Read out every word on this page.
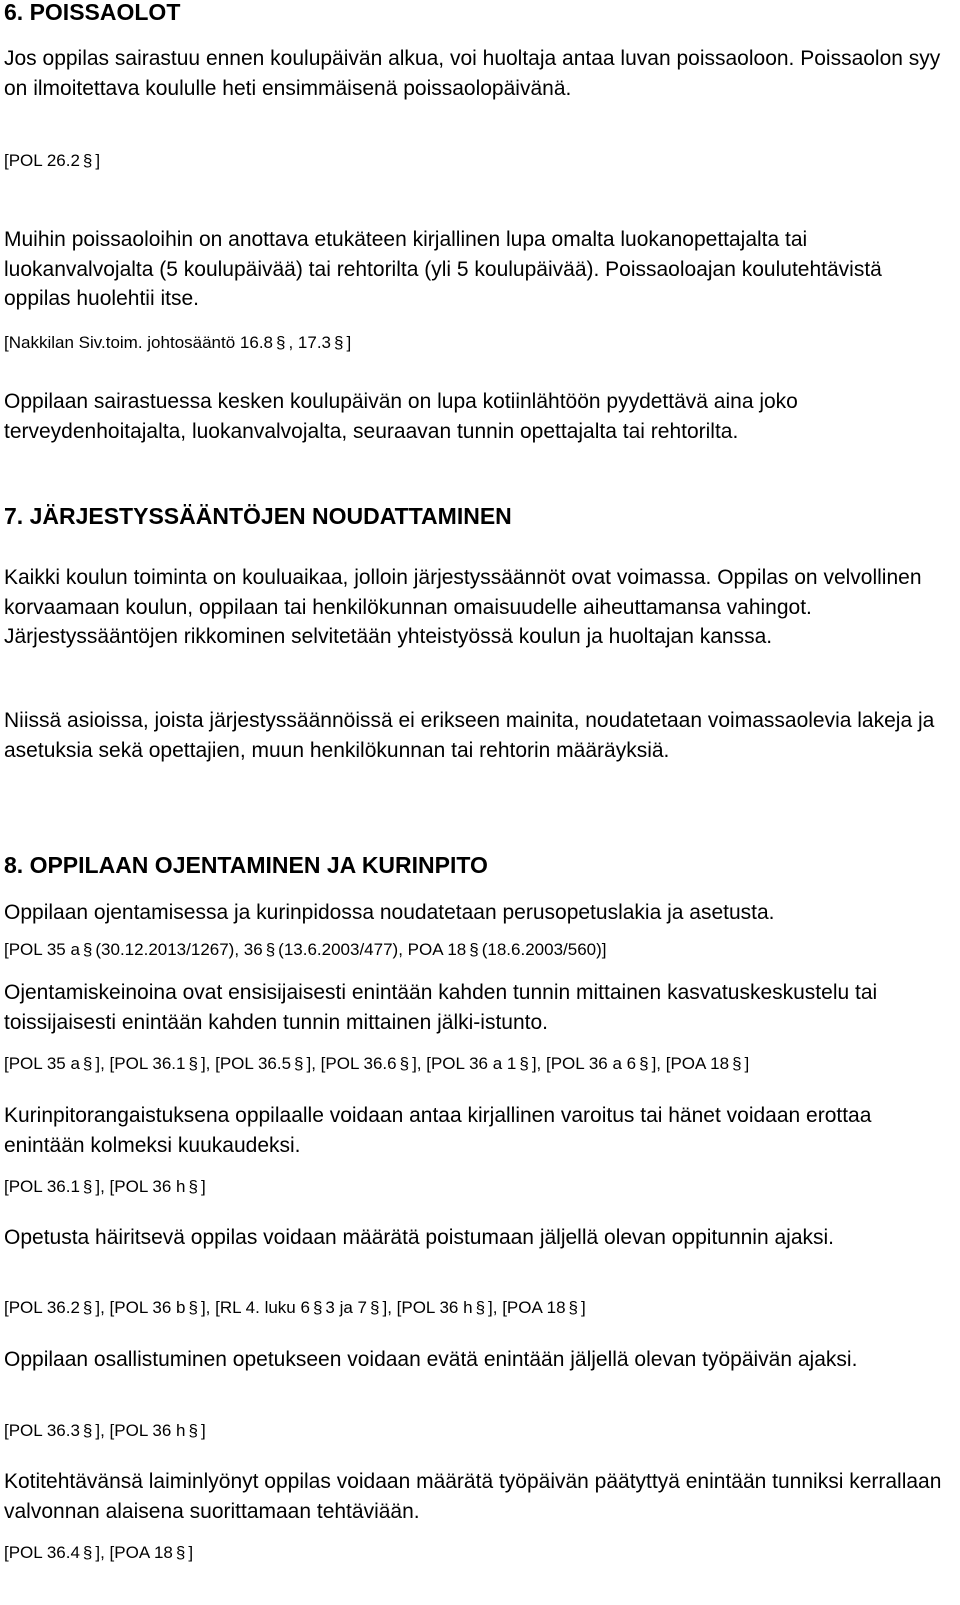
6. POISSAOLOT
Jos oppilas sairastuu ennen koulupäivän alkua, voi huoltaja antaa luvan poissaoloon. Poissaolon syy on ilmoitettava koululle heti ensimmäisenä poissaolopäivänä.
[POL 26.2 § ]
Muihin poissaoloihin on anottava etukäteen kirjallinen lupa omalta luokanopettajalta tai luokanvalvojalta (5 koulupäivää) tai rehtorilta (yli 5 koulupäivää). Poissaoloajan koulutehtävistä oppilas huolehtii itse.
[Nakkilan Siv.toim. johtosääntö 16.8 § , 17.3 § ]
Oppilaan sairastuessa kesken koulupäivän on lupa kotiinlähtöön pyydettävä aina joko terveydenhoitajalta, luokanvalvojalta, seuraavan tunnin opettajalta tai rehtorilta.
7. JÄRJESTYSSÄÄNTÖJEN NOUDATTAMINEN
Kaikki koulun toiminta on kouluaikaa, jolloin järjestyssäännöt ovat voimassa. Oppilas on velvollinen korvaamaan koulun, oppilaan tai henkilökunnan omaisuudelle aiheuttamansa vahingot. Järjestyssääntöjen rikkominen selvitetään yhteistyössä koulun ja huoltajan kanssa.
Niissä asioissa, joista järjestyssäännöissä ei erikseen mainita, noudatetaan voimassaolevia lakeja ja asetuksia sekä opettajien, muun henkilökunnan tai rehtorin määräyksiä.
8. OPPILAAN OJENTAMINEN JA KURINPITO
Oppilaan ojentamisessa ja kurinpidossa noudatetaan perusopetuslakia ja asetusta.
[POL 35 a § (30.12.2013/1267), 36 § (13.6.2003/477), POA 18 § (18.6.2003/560)]
Ojentamiskeinoina ovat ensisijaisesti enintään kahden tunnin mittainen kasvatuskeskustelu tai toissijaisesti enintään kahden tunnin mittainen jälki-istunto.
[POL 35 a § ], [POL 36.1 § ], [POL 36.5 § ], [POL 36.6 § ], [POL 36 a 1 § ], [POL 36 a 6 § ], [POA 18 § ]
Kurinpitorangaistuksena oppilaalle voidaan antaa kirjallinen varoitus tai hänet voidaan erottaa enintään kolmeksi kuukaudeksi.
[POL 36.1 § ], [POL 36 h § ]
Opetusta häiritsevä oppilas voidaan määrätä poistumaan jäljellä olevan oppitunnin ajaksi.
[POL 36.2 § ], [POL 36 b § ], [RL 4. luku 6 § 3 ja 7 § ], [POL 36 h § ], [POA 18 § ]
Oppilaan osallistuminen opetukseen voidaan evätä enintään jäljellä olevan työpäivän ajaksi.
[POL 36.3 § ], [POL 36 h § ]
Kotitehtävänsä laiminlyönyt oppilas voidaan määrätä työpäivän päätyttyä enintään tunniksi kerrallaan valvonnan alaisena suorittamaan tehtäviään.
[POL 36.4 § ], [POA 18 § ]
